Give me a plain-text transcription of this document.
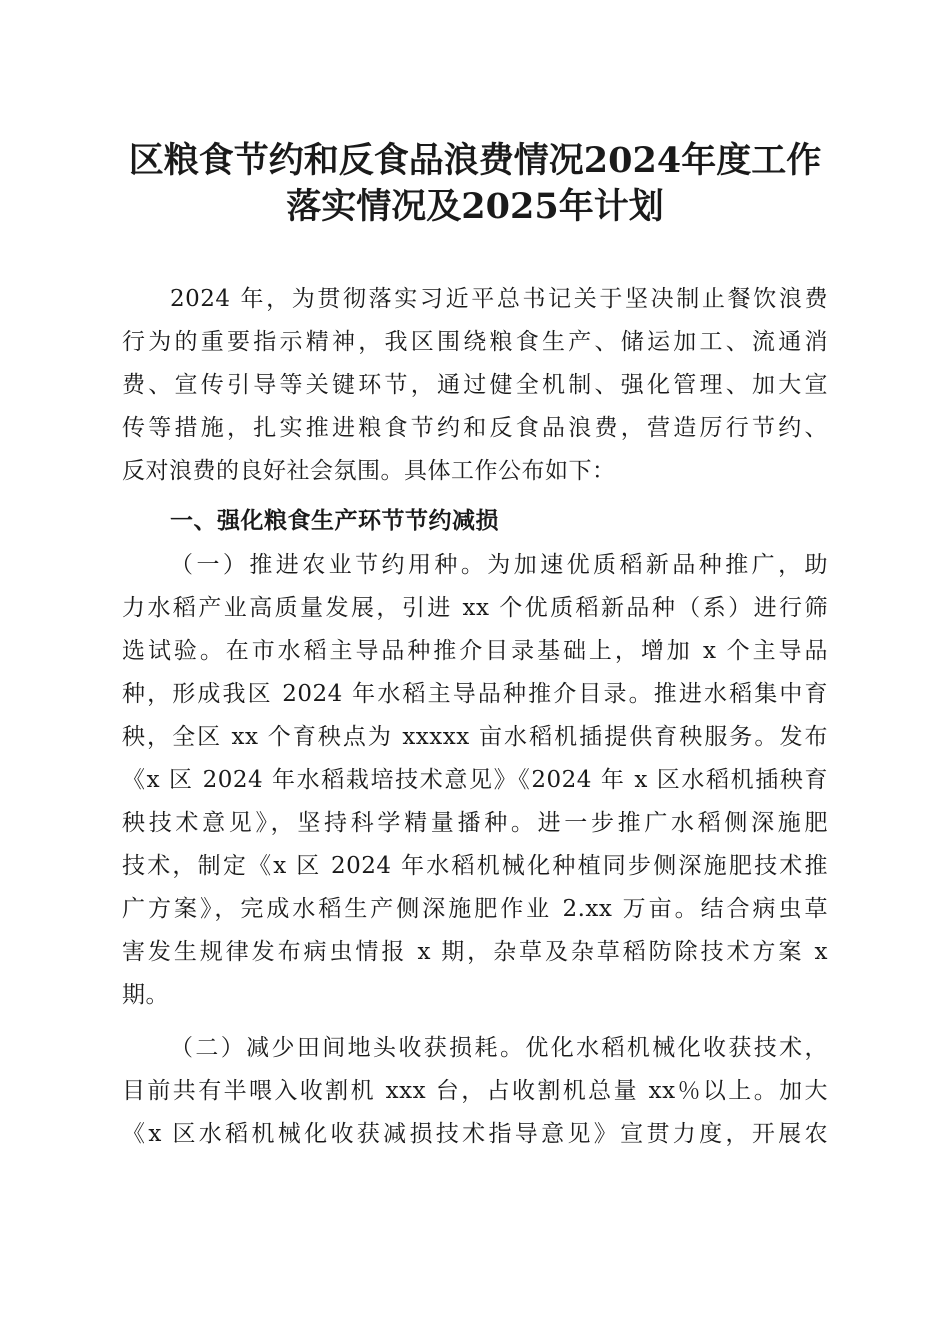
区粮食节约和反食品浪费情况2024年度工作
落实情况及2025年计划
2024 年，为贯彻落实习近平总书记关于坚决制止餐饮浪费
行为的重要指示精神，我区围绕粮食生产、储运加工、流通消
费、宣传引导等关键环节，通过健全机制、强化管理、加大宣
传等措施，扎实推进粮食节约和反食品浪费，营造厉行节约、
反对浪费的良好社会氛围。具体工作公布如下：
一、强化粮食生产环节节约减损
（一）推进农业节约用种。为加速优质稻新品种推广，助
力水稻产业高质量发展，引进 xx 个优质稻新品种（系）进行筛
选试验。在市水稻主导品种推介目录基础上，增加 x 个主导品
种，形成我区 2024 年水稻主导品种推介目录。推进水稻集中育
秧，全区 xx 个育秧点为 xxxxx 亩水稻机插提供育秧服务。发布
《x 区 2024 年水稻栽培技术意见》《2024 年 x 区水稻机插秧育
秧技术意见》，坚持科学精量播种。进一步推广水稻侧深施肥
技术，制定《x 区 2024 年水稻机械化种植同步侧深施肥技术推
广方案》，完成水稻生产侧深施肥作业 2.xx 万亩。结合病虫草
害发生规律发布病虫情报 x 期，杂草及杂草稻防除技术方案 x
期。
（二）减少田间地头收获损耗。优化水稻机械化收获技术，
目前共有半喂入收割机 xxx 台，占收割机总量 xx％以上。加大
《x 区水稻机械化收获减损技术指导意见》宣贯力度，开展农
